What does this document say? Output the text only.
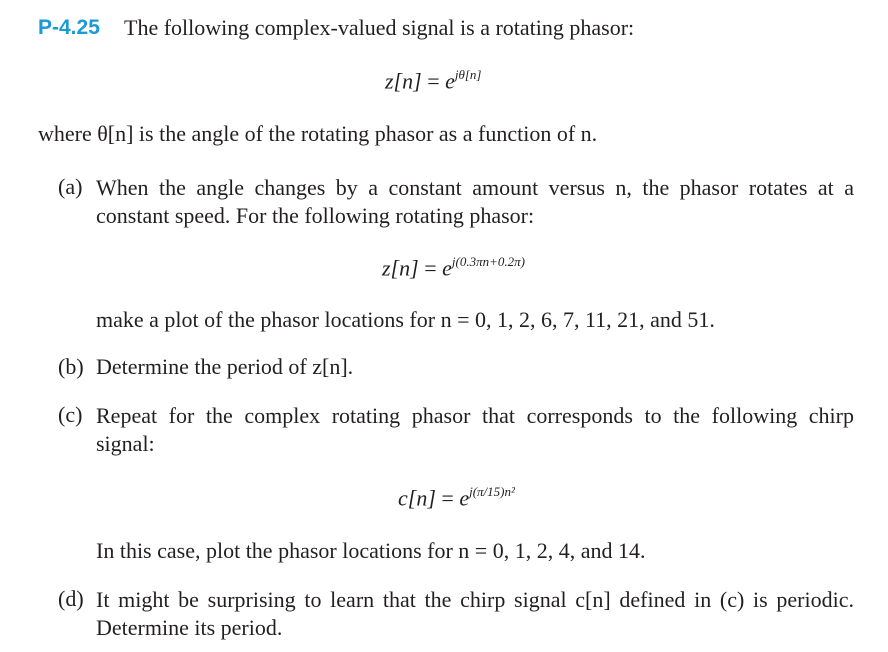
P-4.25 The following complex-valued signal is a rotating phasor:
$z[n] = e^{j\theta[n]}$
where θ[n] is the angle of the rotating phasor as a function of n.
(a) When the angle changes by a constant amount versus n, the phasor rotates at a
constant speed. For the following rotating phasor:
$z[n] = e^{j(0.3\pi n+0.2\pi)}$
make a plot of the phasor locations for n = 0, 1, 2, 6, 7, 11, 21, and 51.
(b) Determine the period of z[n].
(c) Repeat for the complex rotating phasor that corresponds to the following chirp
signal:
$c[n] = e^{j(\pi/15)n^2}$
In this case, plot the phasor locations for n = 0, 1, 2, 4, and 14.
(d) It might be surprising to learn that the chirp signal c[n] defined in (c) is periodic.
Determine its period.
